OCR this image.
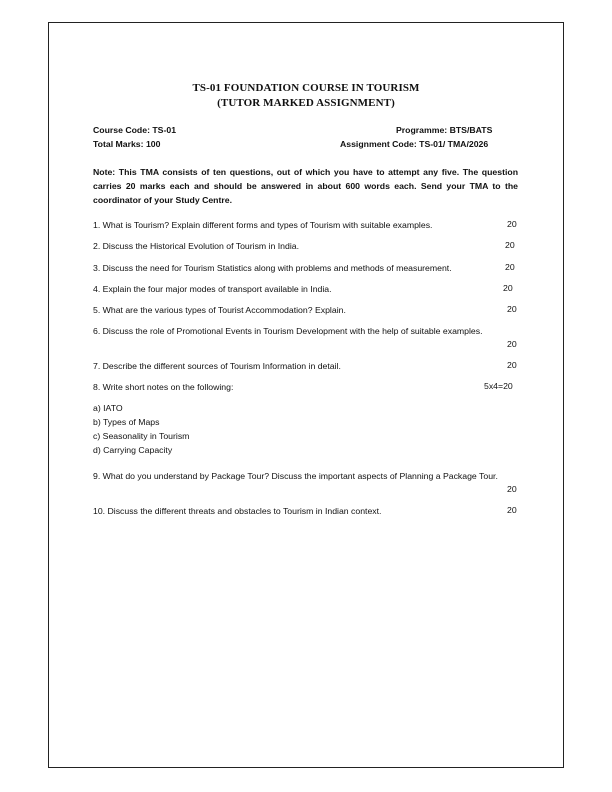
TS-01 FOUNDATION COURSE IN TOURISM
(TUTOR MARKED ASSIGNMENT)
Course Code: TS-01
Total Marks: 100
Programme: BTS/BATS
Assignment Code: TS-01/ TMA/2026
Note: This TMA consists of ten questions, out of which you have to attempt any five. The question carries 20 marks each and should be answered in about 600 words each. Send your TMA to the coordinator of your Study Centre.
1. What is Tourism? Explain different forms and types of Tourism with suitable examples.	20
2. Discuss the Historical Evolution of Tourism in India.	20
3. Discuss the need for Tourism Statistics along with problems and methods of measurement.	20
4. Explain the four major modes of transport available in India.	20
5. What are the various types of Tourist Accommodation? Explain.	20
6. Discuss the role of Promotional Events in Tourism Development with the help of suitable examples.
20
7. Describe the different sources of Tourism Information in detail.	20
8. Write short notes on the following:	5x4=20
a) IATO
b) Types of Maps
c) Seasonality in Tourism
d) Carrying Capacity
9. What do you understand by Package Tour? Discuss the important aspects of Planning a Package Tour.
20
10. Discuss the different threats and obstacles to Tourism in Indian context.	20
